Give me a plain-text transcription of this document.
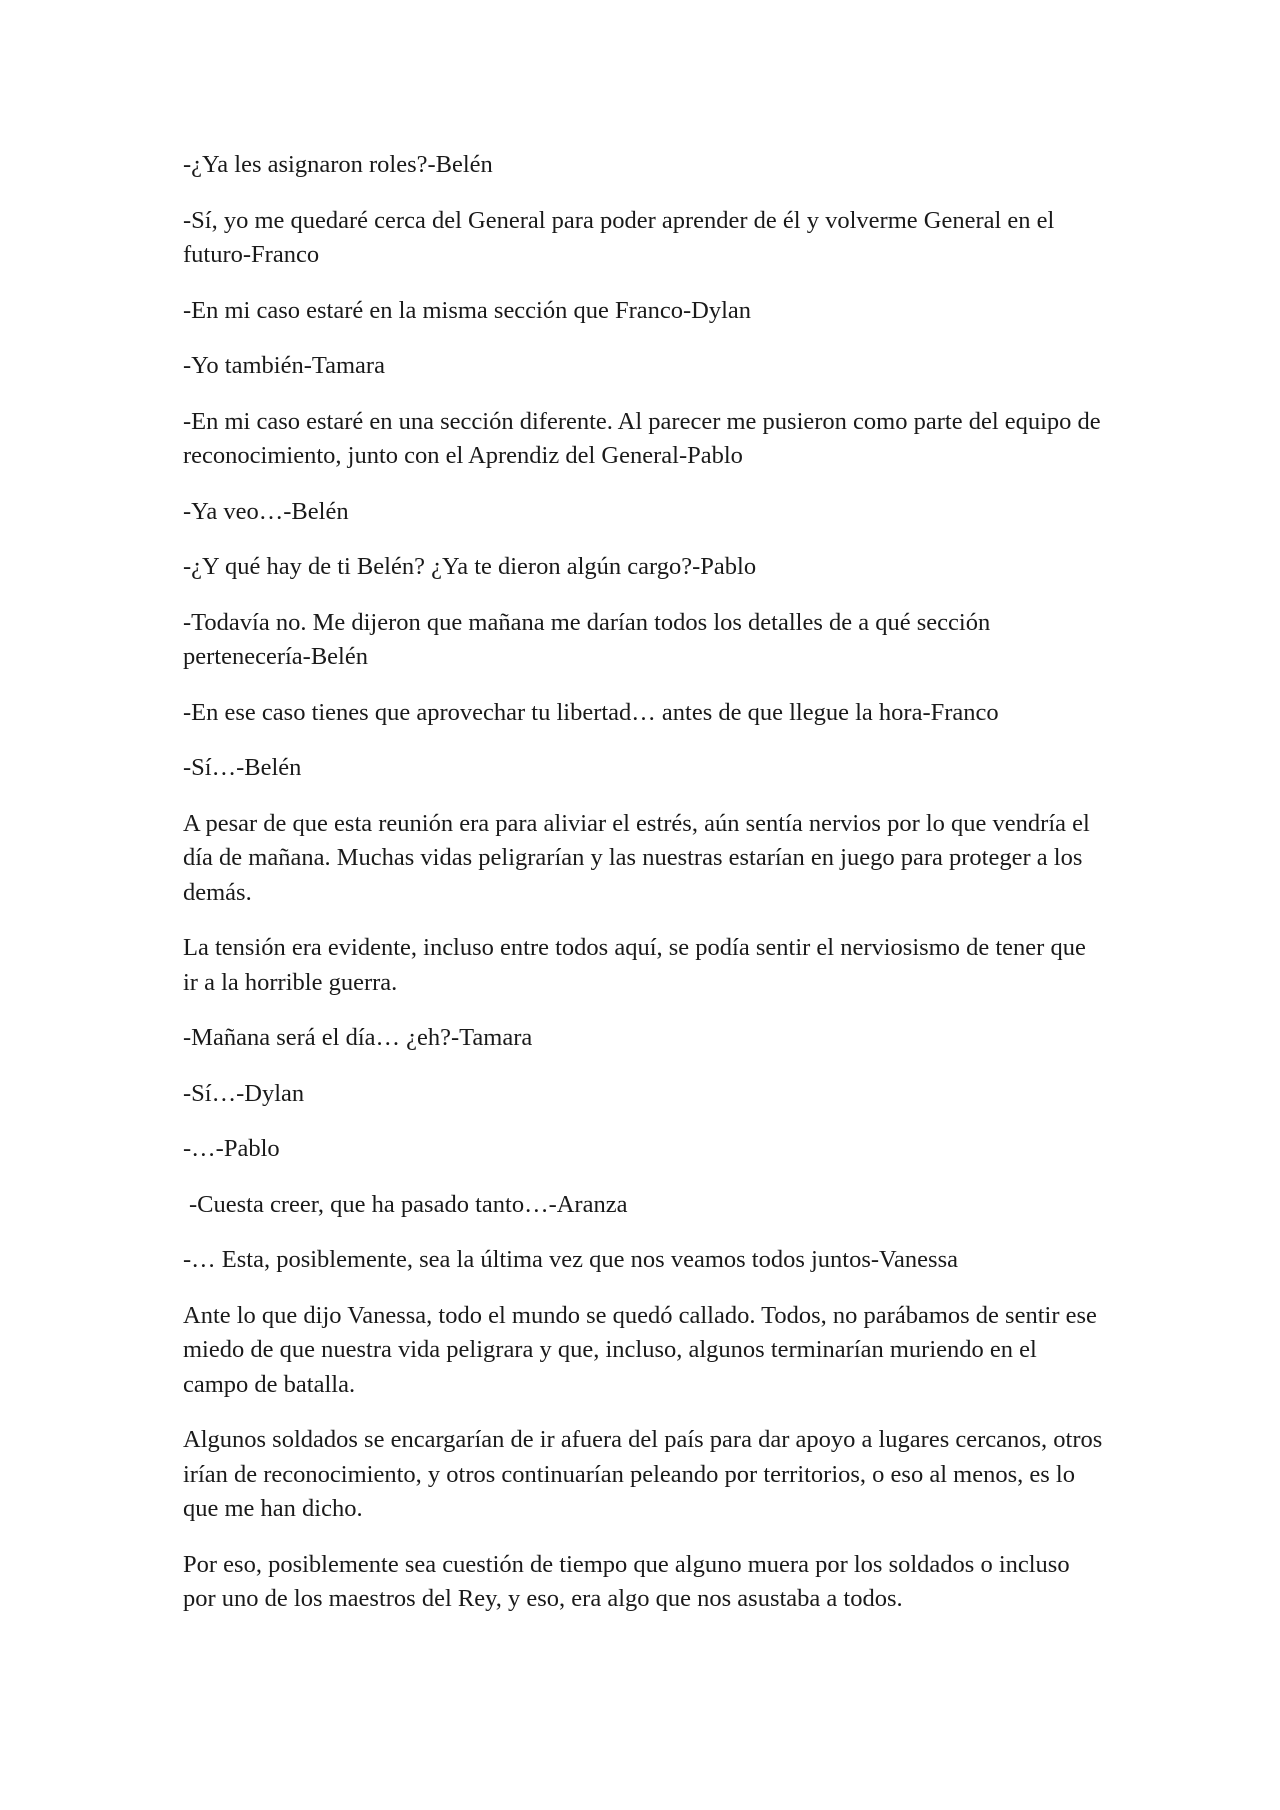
-¿Ya les asignaron roles?-Belén

-Sí, yo me quedaré cerca del General para poder aprender de él y volverme General en el futuro-Franco

-En mi caso estaré en la misma sección que Franco-Dylan

-Yo también-Tamara

-En mi caso estaré en una sección diferente. Al parecer me pusieron como parte del equipo de reconocimiento, junto con el Aprendiz del General-Pablo

-Ya veo…-Belén

-¿Y qué hay de ti Belén? ¿Ya te dieron algún cargo?-Pablo

-Todavía no. Me dijeron que mañana me darían todos los detalles de a qué sección pertenecería-Belén

-En ese caso tienes que aprovechar tu libertad… antes de que llegue la hora-Franco

-Sí…-Belén

A pesar de que esta reunión era para aliviar el estrés, aún sentía nervios por lo que vendría el día de mañana. Muchas vidas peligrarían y las nuestras estarían en juego para proteger a los demás.

La tensión era evidente, incluso entre todos aquí, se podía sentir el nerviosismo de tener que ir a la horrible guerra.

-Mañana será el día… ¿eh?-Tamara

-Sí…-Dylan

-…-Pablo

-Cuesta creer, que ha pasado tanto…-Aranza

-… Esta, posiblemente, sea la última vez que nos veamos todos juntos-Vanessa

Ante lo que dijo Vanessa, todo el mundo se quedó callado. Todos, no parábamos de sentir ese miedo de que nuestra vida peligrara y que, incluso, algunos terminarían muriendo en el campo de batalla.

Algunos soldados se encargarían de ir afuera del país para dar apoyo a lugares cercanos, otros irían de reconocimiento, y otros continuarían peleando por territorios, o eso al menos, es lo que me han dicho.

Por eso, posiblemente sea cuestión de tiempo que alguno muera por los soldados o incluso por uno de los maestros del Rey, y eso, era algo que nos asustaba a todos.
